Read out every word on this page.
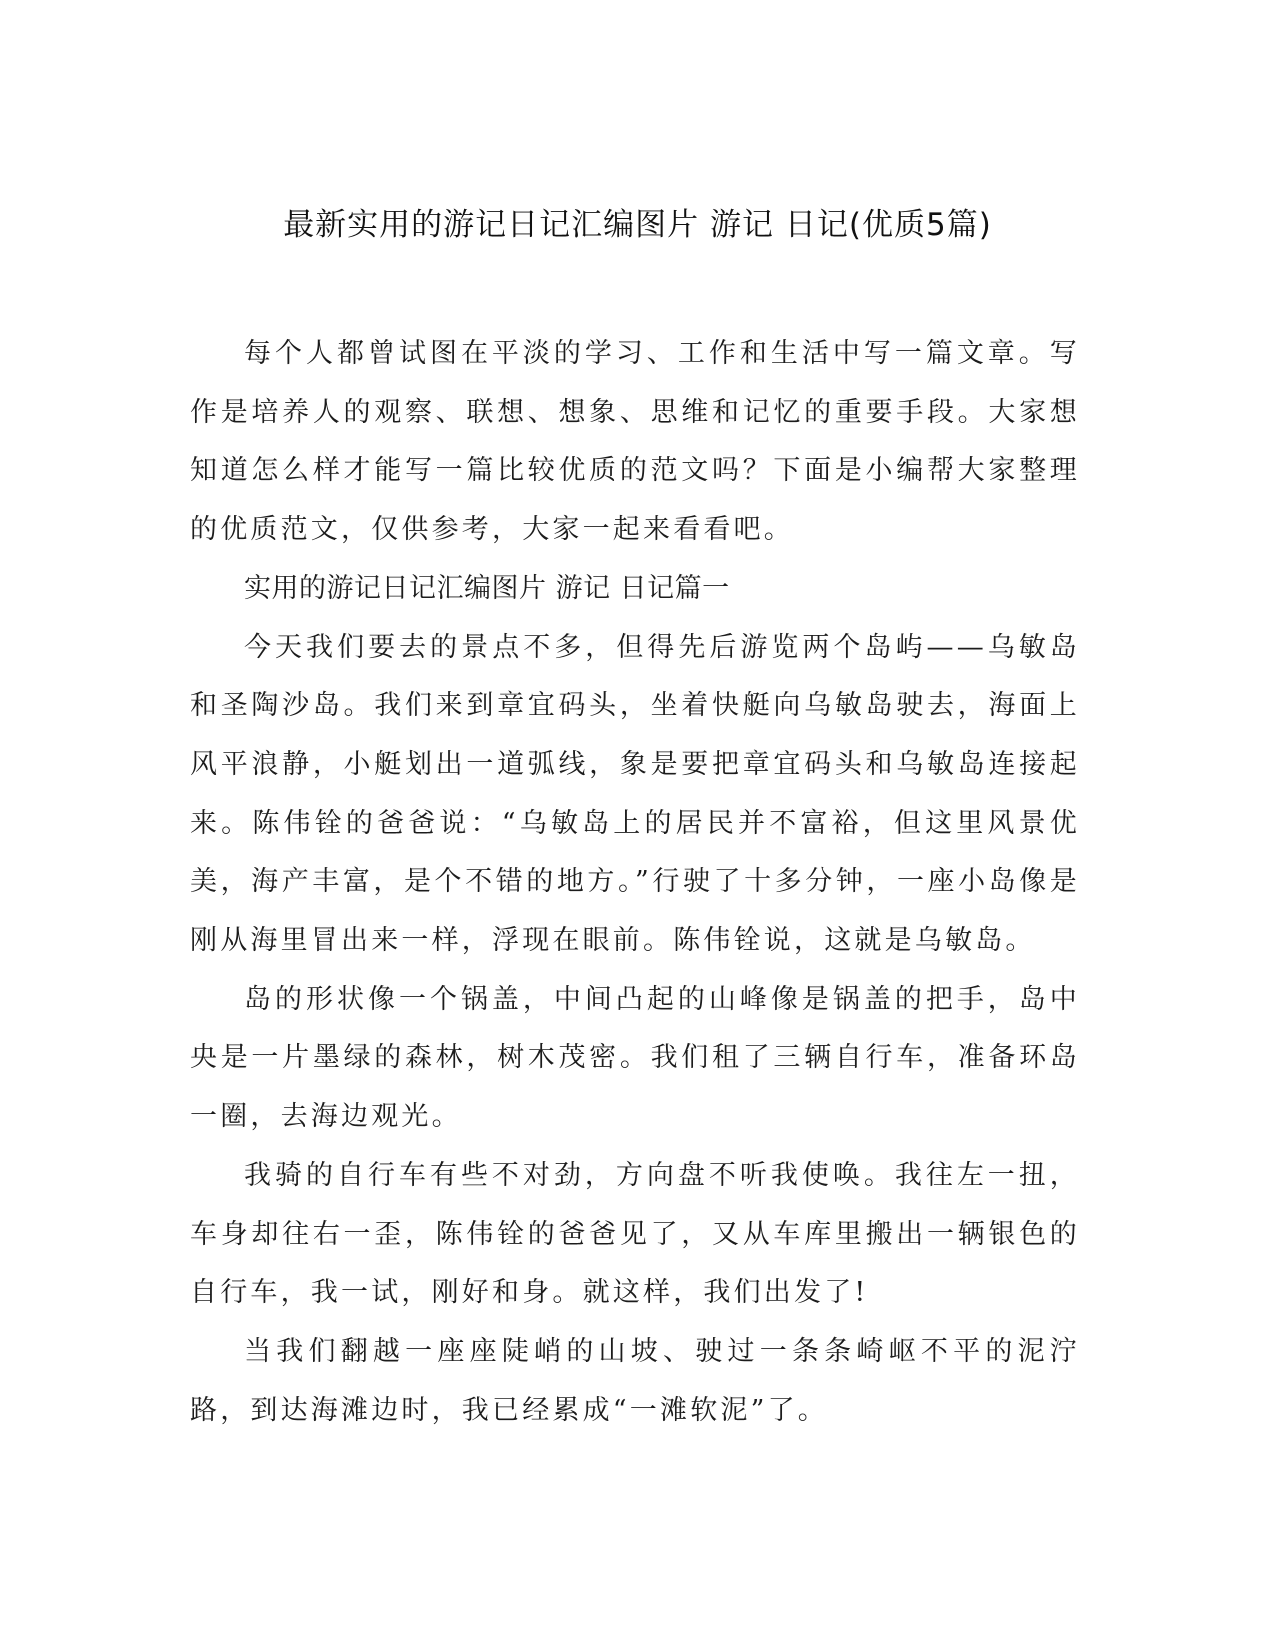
最新实用的游记日记汇编图片 游记 日记(优质5篇)

每个人都曾试图在平淡的学习、工作和生活中写一篇文章。写作是培养人的观察、联想、想象、思维和记忆的重要手段。大家想知道怎么样才能写一篇比较优质的范文吗？下面是小编帮大家整理的优质范文，仅供参考，大家一起来看看吧。

实用的游记日记汇编图片 游记 日记篇一

今天我们要去的景点不多，但得先后游览两个岛屿——乌敏岛和圣陶沙岛。我们来到章宜码头，坐着快艇向乌敏岛驶去，海面上风平浪静，小艇划出一道弧线，象是要把章宜码头和乌敏岛连接起来。陈伟铨的爸爸说：“乌敏岛上的居民并不富裕，但这里风景优美，海产丰富，是个不错的地方。”行驶了十多分钟，一座小岛像是刚从海里冒出来一样，浮现在眼前。陈伟铨说，这就是乌敏岛。

岛的形状像一个锅盖，中间凸起的山峰像是锅盖的把手，岛中央是一片墨绿的森林，树木茂密。我们租了三辆自行车，准备环岛一圈，去海边观光。

我骑的自行车有些不对劲，方向盘不听我使唤。我往左一扭，车身却往右一歪，陈伟铨的爸爸见了，又从车库里搬出一辆银色的自行车，我一试，刚好和身。就这样，我们出发了!

当我们翻越一座座陡峭的山坡、驶过一条条崎岖不平的泥泞路，到达海滩边时，我已经累成“一滩软泥”了。
